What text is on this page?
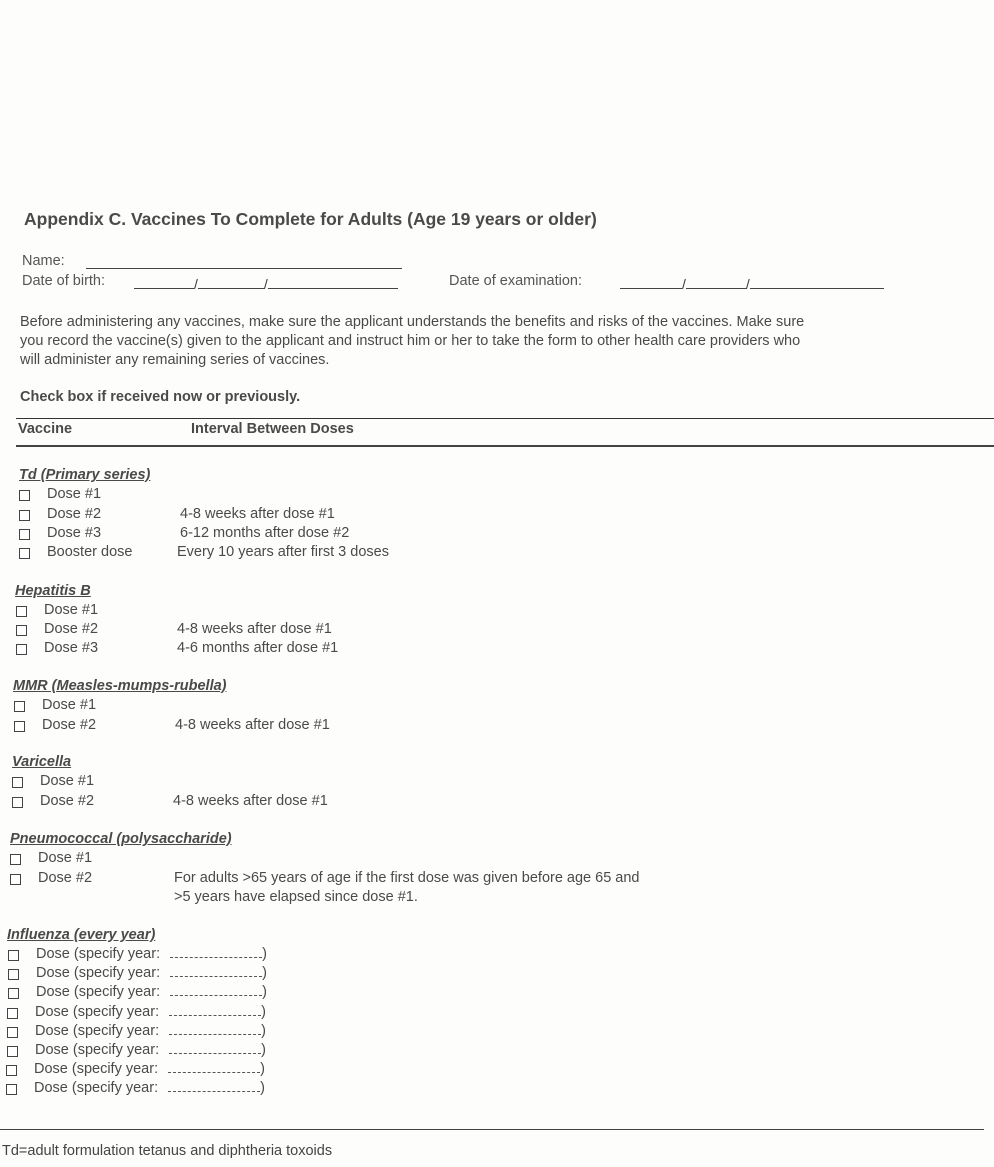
Appendix C. Vaccines To Complete for Adults (Age 19 years or older)
Name:
Date of birth:	/	/	Date of examination:	/	/
Before administering any vaccines, make sure the applicant understands the benefits and risks of the vaccines. Make sure
you record the vaccine(s) given to the applicant and instruct him or her to take the form to other health care providers who
will administer any remaining series of vaccines.
Check box if received now or previously.
Vaccine	Interval Between Doses
Td (Primary series)
Dose #1
Dose #2	4-8 weeks after dose #1
Dose #3	6-12 months after dose #2
Booster dose	Every 10 years after first 3 doses
Hepatitis B
Dose #1
Dose #2	4-8 weeks after dose #1
Dose #3	4-6 months after dose #1
MMR (Measles-mumps-rubella)
Dose #1
Dose #2	4-8 weeks after dose #1
Varicella
Dose #1
Dose #2	4-8 weeks after dose #1
Pneumococcal (polysaccharide)
Dose #1
Dose #2	For adults >65 years of age if the first dose was given before age 65 and
>5 years have elapsed since dose #1.
Influenza (every year)
Dose (specify year:	)
Dose (specify year:	)
Dose (specify year:	)
Dose (specify year:	)
Dose (specify year:	)
Dose (specify year:	)
Dose (specify year:	)
Dose (specify year:	)
Td=adult formulation tetanus and diphtheria toxoids
